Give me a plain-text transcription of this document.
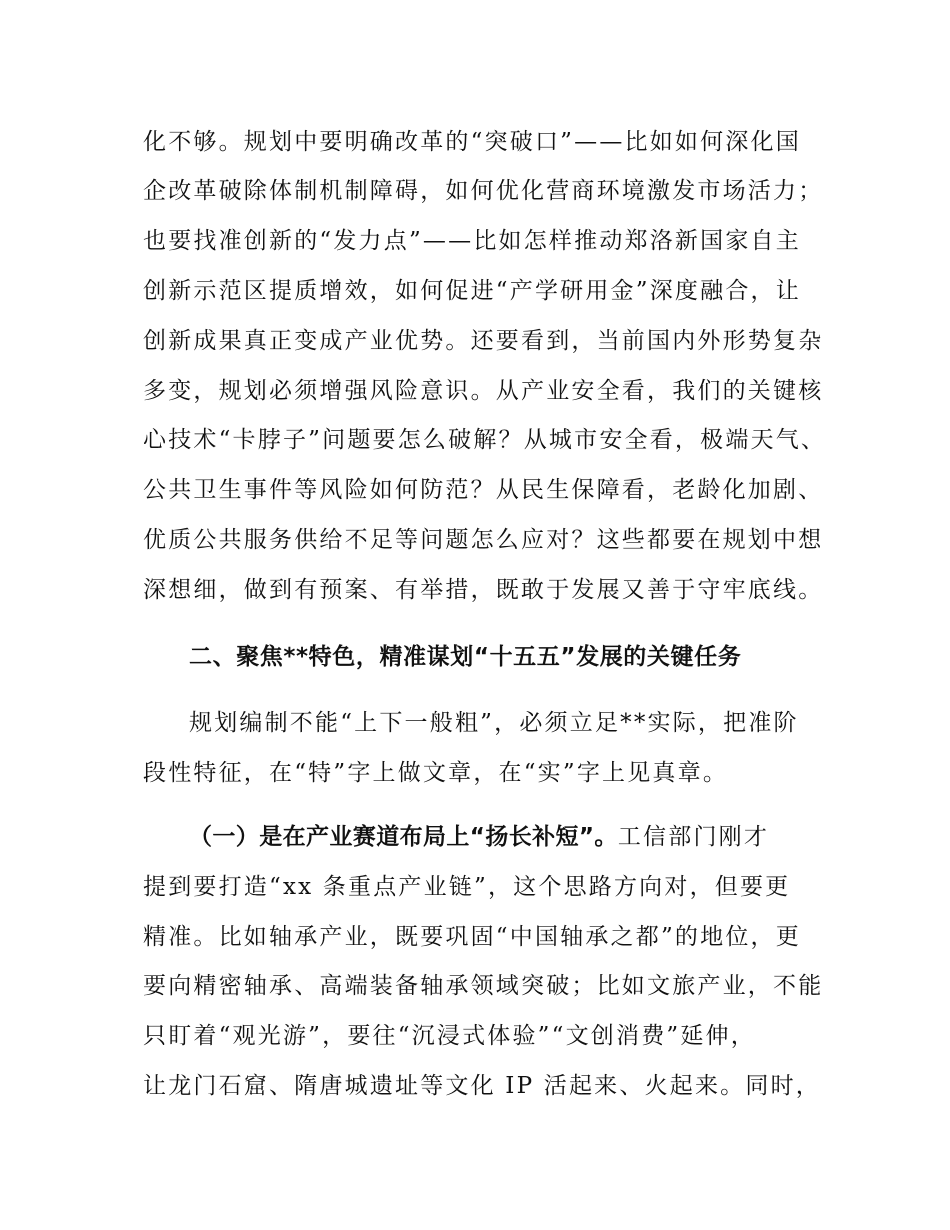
化不够。规划中要明确改革的“突破口”——比如如何深化国
企改革破除体制机制障碍，如何优化营商环境激发市场活力；
也要找准创新的“发力点”——比如怎样推动郑洛新国家自主
创新示范区提质增效，如何促进“产学研用金”深度融合，让
创新成果真正变成产业优势。还要看到，当前国内外形势复杂
多变，规划必须增强风险意识。从产业安全看，我们的关键核
心技术“卡脖子”问题要怎么破解？从城市安全看，极端天气、
公共卫生事件等风险如何防范？从民生保障看，老龄化加剧、
优质公共服务供给不足等问题怎么应对？这些都要在规划中想
深想细，做到有预案、有举措，既敢于发展又善于守牢底线。
二、聚焦**特色，精准谋划“十五五”发展的关键任务
规划编制不能“上下一般粗”，必须立足**实际，把准阶
段性特征，在“特”字上做文章，在“实”字上见真章。
（一）是在产业赛道布局上“扬长补短”。工信部门刚才
提到要打造“xx 条重点产业链”，这个思路方向对，但要更
精准。比如轴承产业，既要巩固“中国轴承之都”的地位，更
要向精密轴承、高端装备轴承领域突破；比如文旅产业，不能
只盯着“观光游”，要往“沉浸式体验”“文创消费”延伸，
让龙门石窟、隋唐城遗址等文化 IP 活起来、火起来。同时，
